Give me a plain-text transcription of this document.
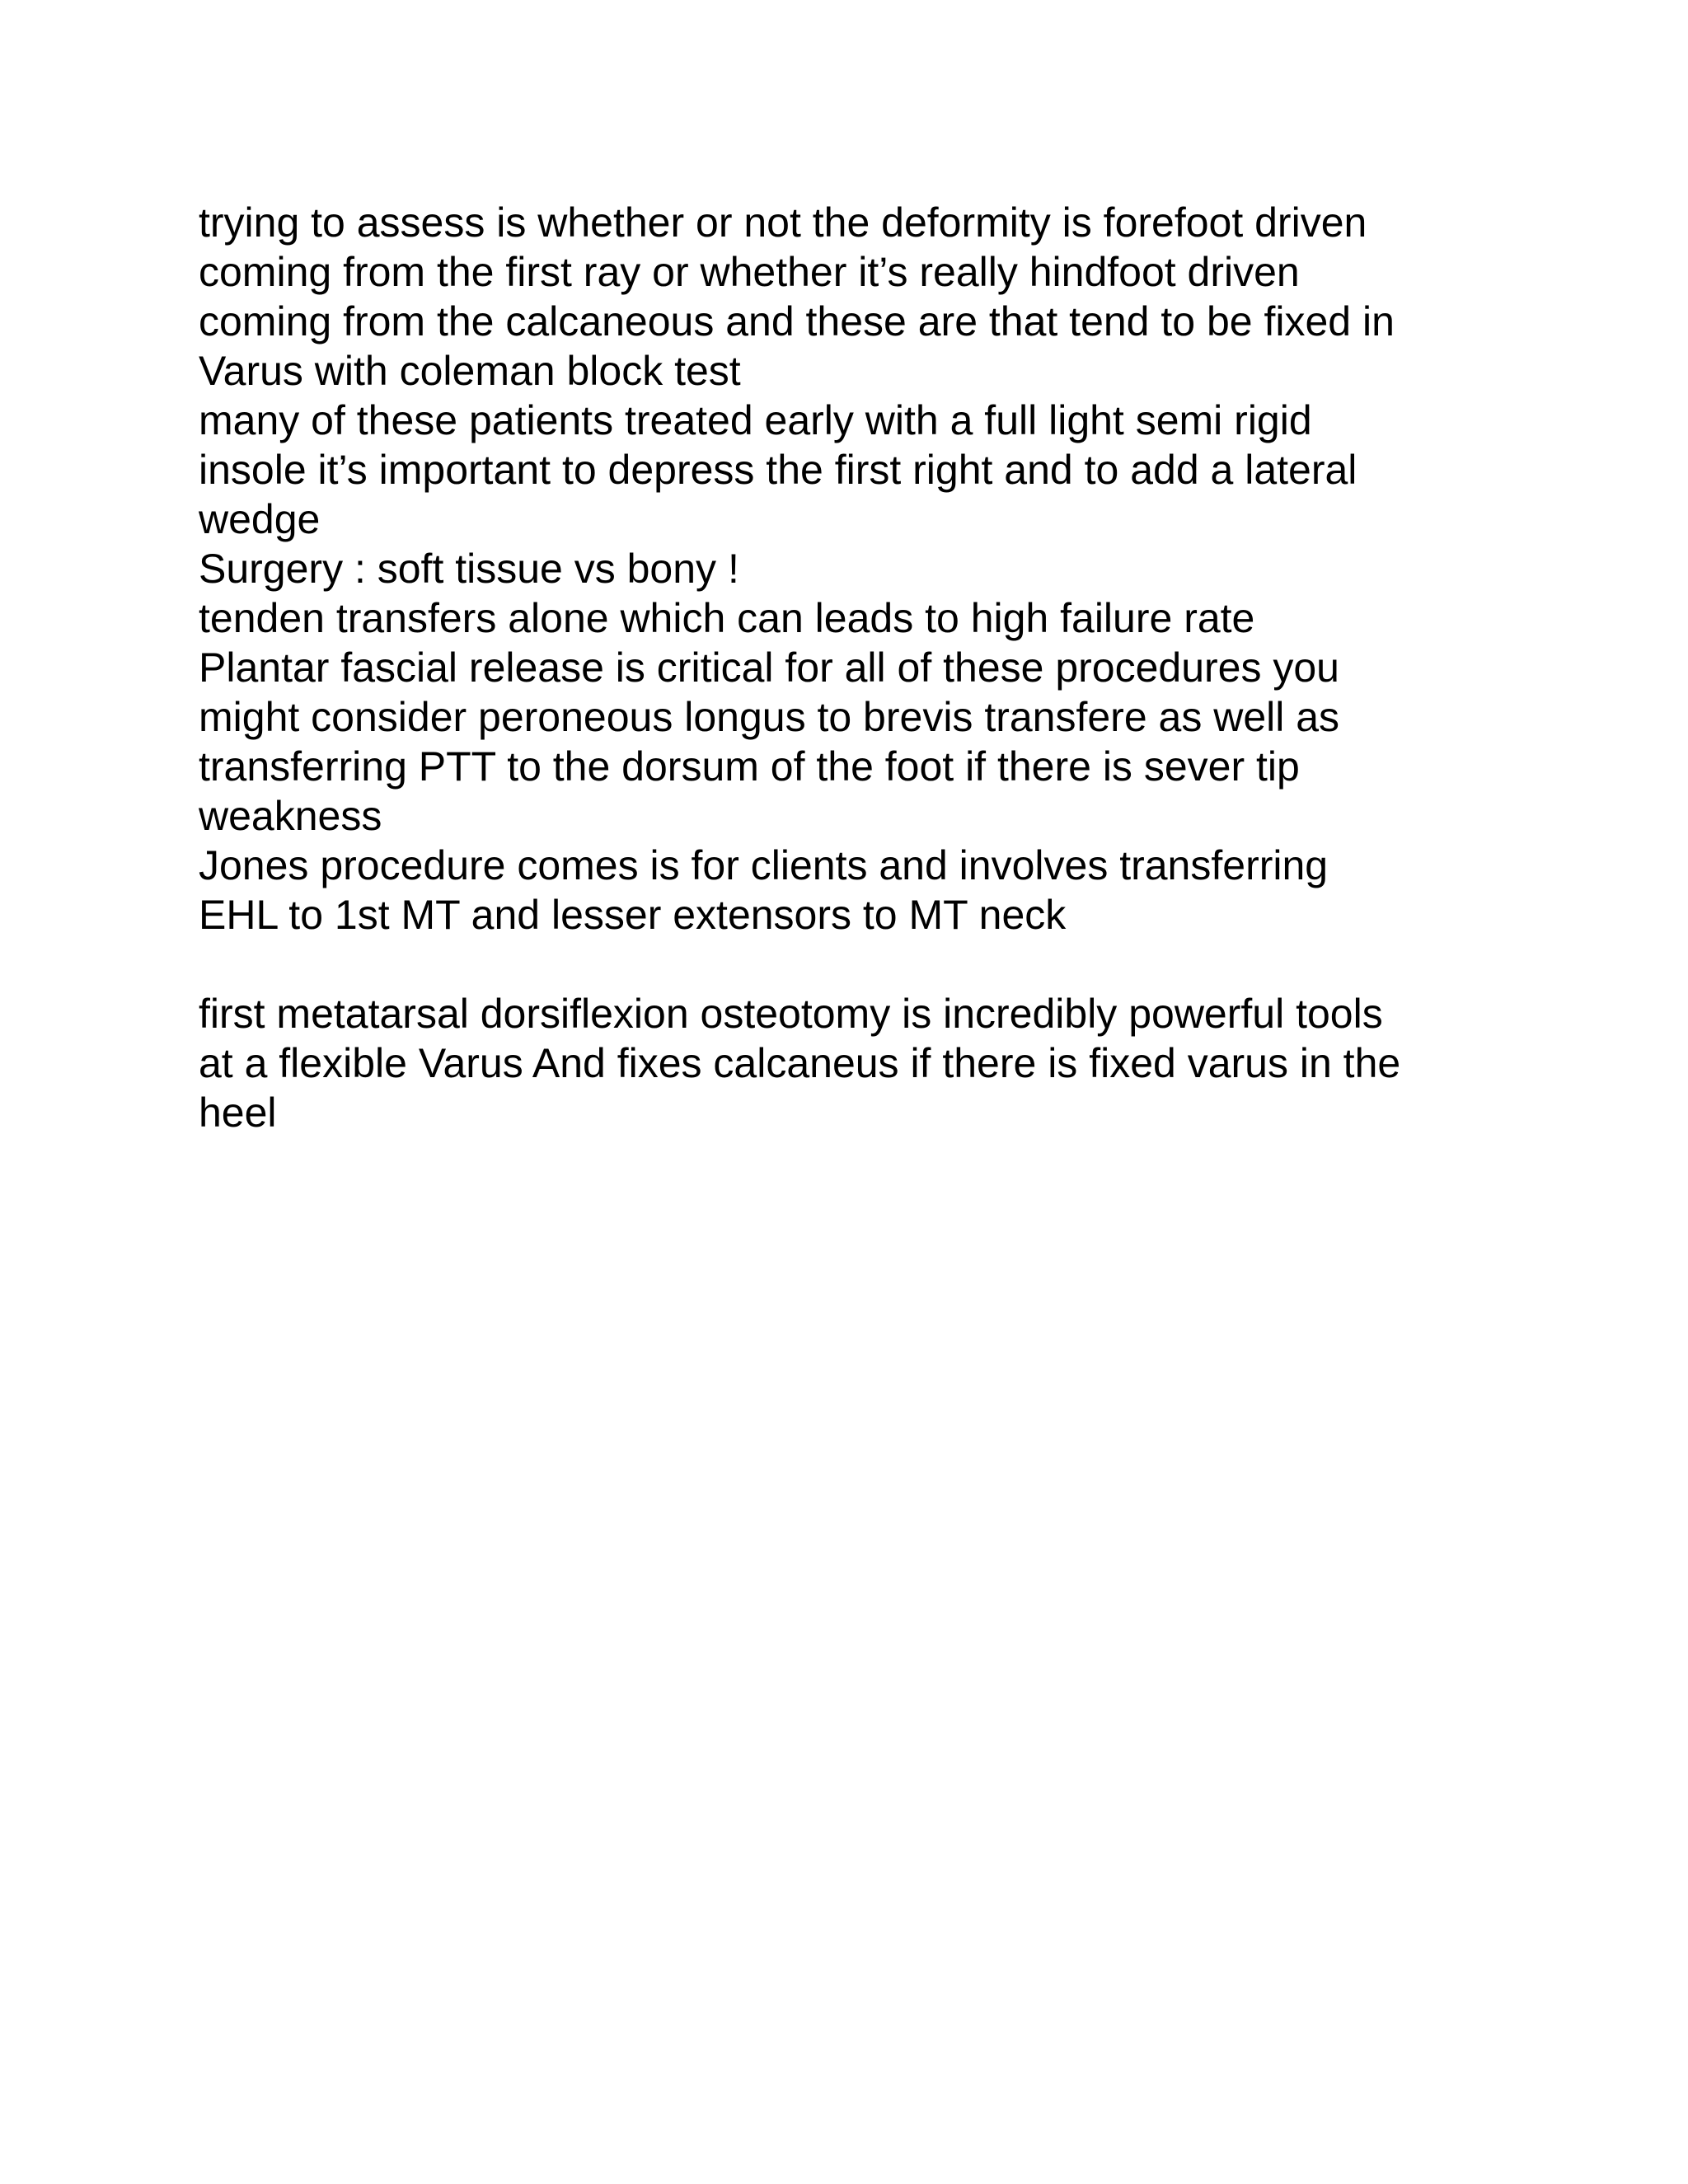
trying to assess is whether or not the deformity is forefoot driven
coming from the first ray or whether it’s really hindfoot driven
coming from the calcaneous and these are that tend to be fixed in
Varus with coleman block test
many of these patients treated early with a full light semi rigid
insole it’s important to depress the first right and to add a lateral
wedge
Surgery : soft tissue vs bony !
tenden transfers alone which can leads to high failure rate
Plantar fascial release is critical for all of these procedures you
might consider peroneous longus to brevis transfere as well as
transferring PTT to the dorsum of the foot if there is sever tip
weakness
Jones procedure comes is for clients and involves transferring
EHL to 1st MT and lesser extensors to MT neck
first metatarsal dorsiflexion osteotomy is incredibly powerful tools
at a flexible Varus And fixes calcaneus if there is fixed varus in the
heel
